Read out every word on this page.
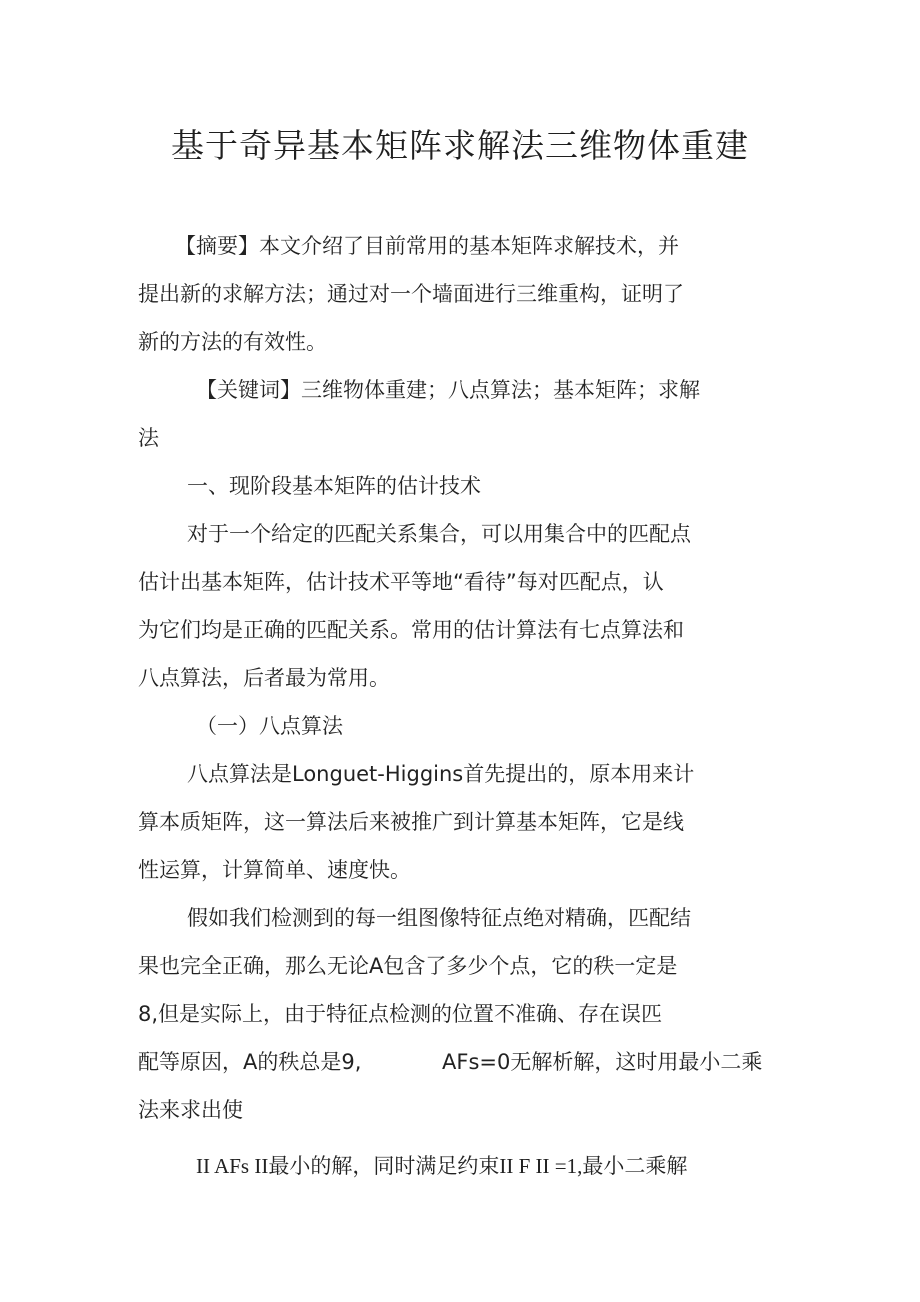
基于奇异基本矩阵求解法三维物体重建
【摘要】本文介绍了目前常用的基本矩阵求解技术，并
提出新的求解方法；通过对一个墙面进行三维重构，证明了
新的方法的有效性。
【关键词】三维物体重建；八点算法；基本矩阵；求解
法
一、现阶段基本矩阵的估计技术
对于一个给定的匹配关系集合，可以用集合中的匹配点
估计出基本矩阵，估计技术平等地“看待”每对匹配点，认
为它们均是正确的匹配关系。常用的估计算法有七点算法和
八点算法，后者最为常用。
（一）八点算法
八点算法是Longuet-Higgins首先提出的，原本用来计
算本质矩阵，这一算法后来被推广到计算基本矩阵，它是线
性运算，计算简单、速度快。
假如我们检测到的每一组图像特征点绝对精确，匹配结
果也完全正确，那么无论A包含了多少个点，它的秩一定是
8,但是实际上，由于特征点检测的位置不准确、存在误匹
配等原因，A的秩总是9,	AFs=0无解析解，这时用最小二乘
法来求出使
II AFs II最小的解，同时满足约束II F II =1,最小二乘解
